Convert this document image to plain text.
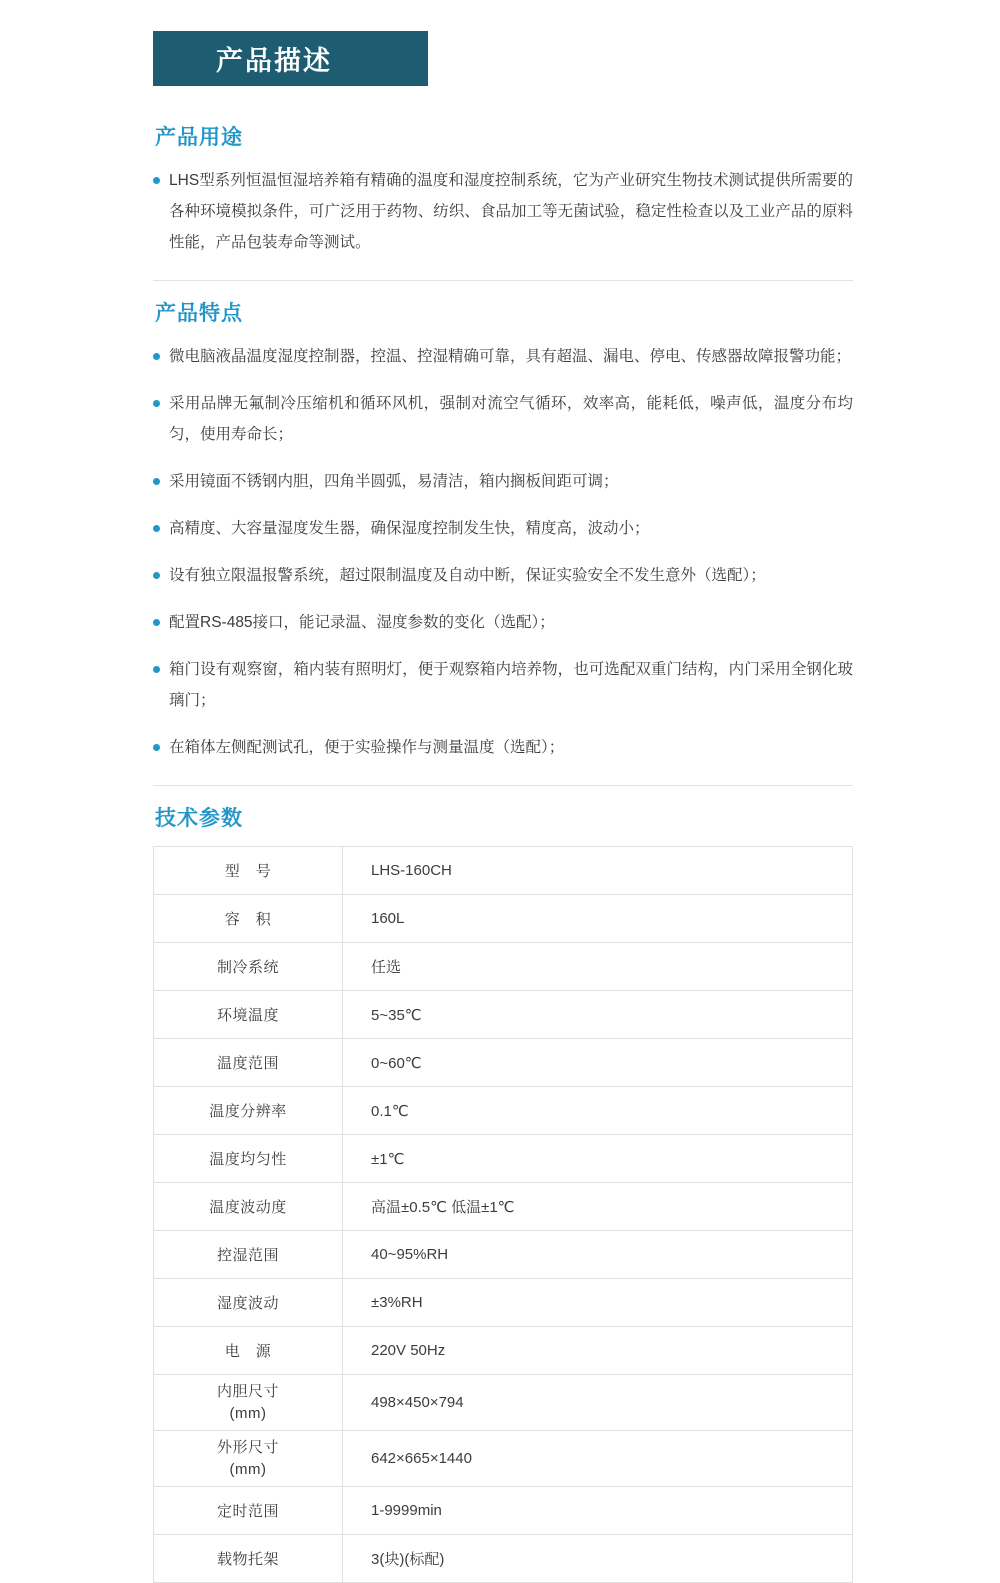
产品描述
产品用途

LHS型系列恒温恒湿培养箱有精确的温度和湿度控制系统，它为产业研究生物技术测试提供所需要的各种环境模拟条件，可广泛用于药物、纺织、食品加工等无菌试验，稳定性检查以及工业产品的原料性能，产品包装寿命等测试。

产品特点

微电脑液晶温度湿度控制器，控温、控湿精确可靠，具有超温、漏电、停电、传感器故障报警功能；

采用品牌无氟制冷压缩机和循环风机，强制对流空气循环，效率高，能耗低，噪声低，温度分布均匀，使用寿命长；

采用镜面不锈钢内胆，四角半圆弧，易清洁，箱内搁板间距可调；

高精度、大容量湿度发生器，确保湿度控制发生快，精度高，波动小；

设有独立限温报警系统，超过限制温度及自动中断，保证实验安全不发生意外（选配）；

配置RS-485接口，能记录温、湿度参数的变化（选配）；

箱门设有观察窗，箱内装有照明灯，便于观察箱内培养物，也可选配双重门结构，内门采用全钢化玻璃门；

在箱体左侧配测试孔，便于实验操作与测量温度（选配）；

技术参数
型　号	LHS-160CH
容　积	160L
制冷系统	任选
环境温度	5~35℃
温度范围	0~60℃
温度分辨率	0.1℃
温度均匀性	±1℃
温度波动度	高温±0.5℃ 低温±1℃
控湿范围	40~95%RH
湿度波动	±3%RH
电　源	220V 50Hz

内胆尺寸
(mm)	498×450×794

外形尺寸
(mm)	642×665×1440
定时范围	1-9999min
载物托架	3(块)(标配)
